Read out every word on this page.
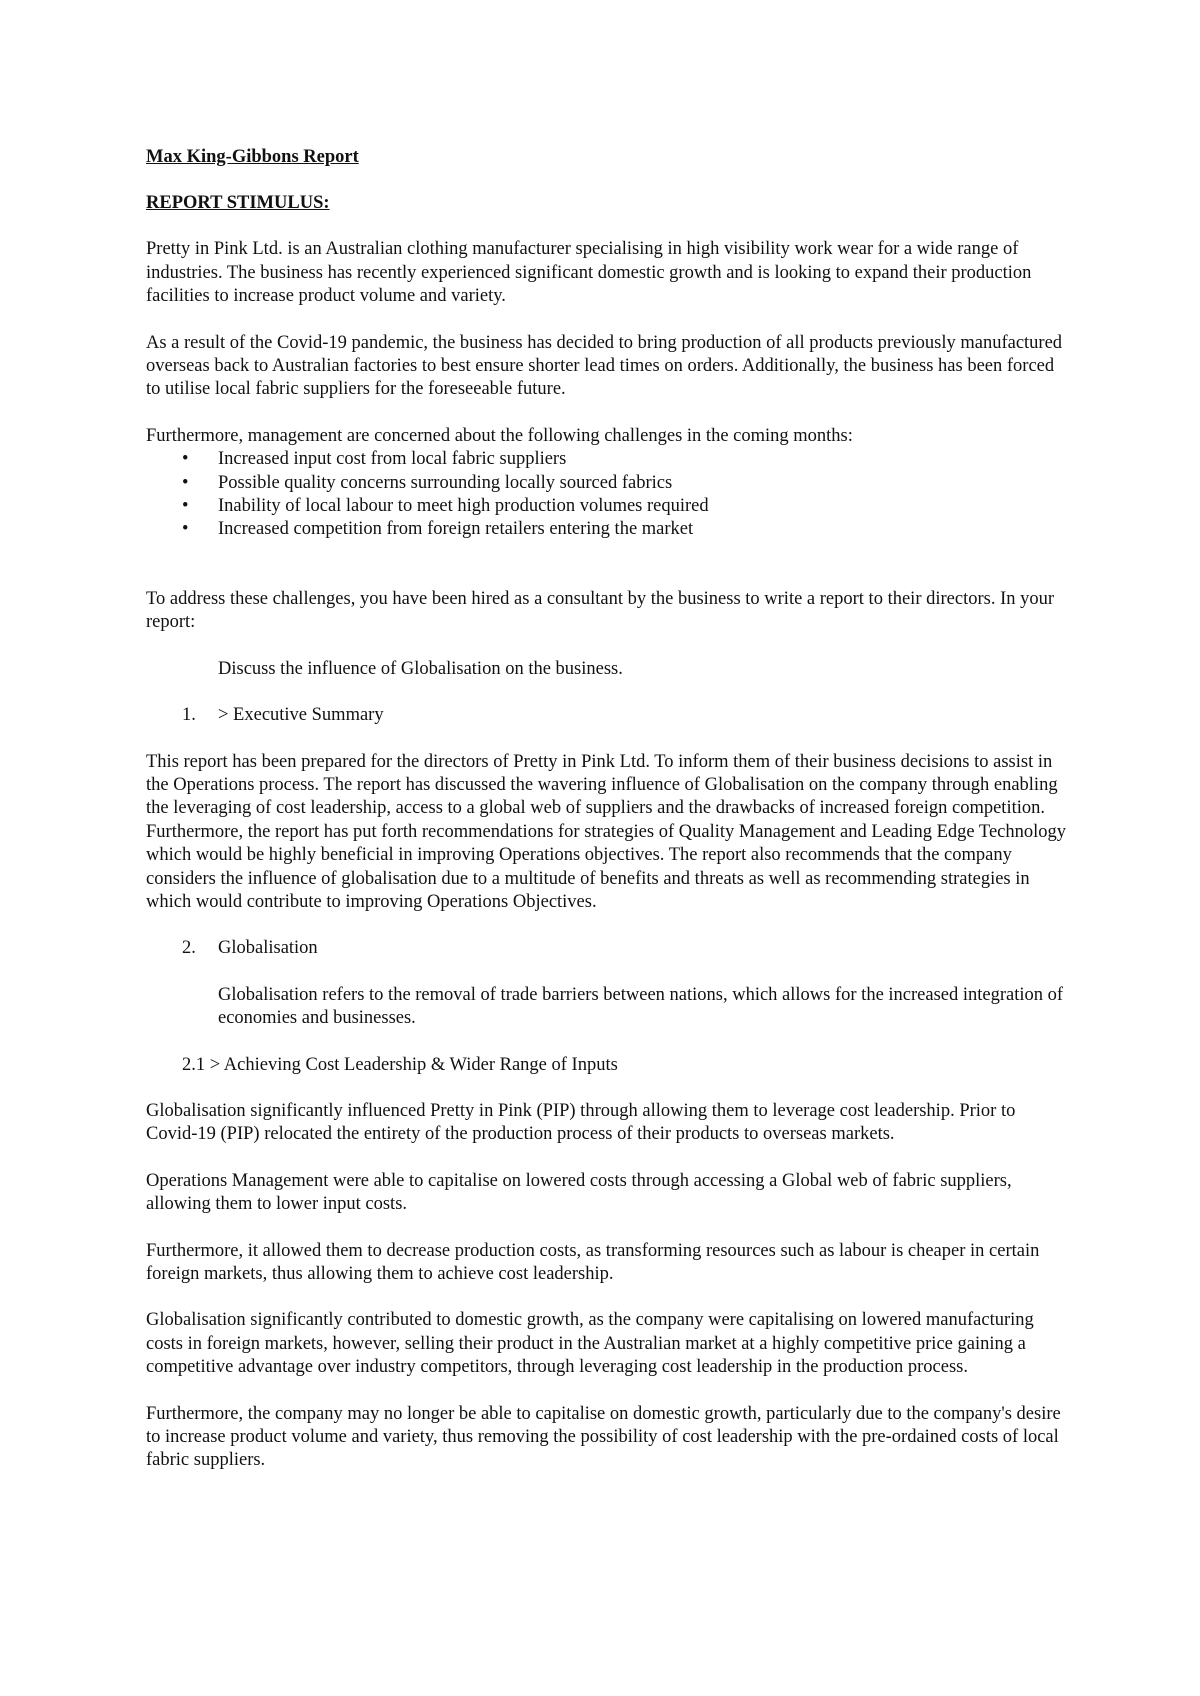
Max King-Gibbons Report

REPORT STIMULUS:

Pretty in Pink Ltd. is an Australian clothing manufacturer specialising in high visibility work wear for a wide range of industries. The business has recently experienced significant domestic growth and is looking to expand their production facilities to increase product volume and variety.

As a result of the Covid-19 pandemic, the business has decided to bring production of all products previously manufactured overseas back to Australian factories to best ensure shorter lead times on orders. Additionally, the business has been forced to utilise local fabric suppliers for the foreseeable future.

Furthermore, management are concerned about the following challenges in the coming months:

• Increased input cost from local fabric suppliers
• Possible quality concerns surrounding locally sourced fabrics
• Inability of local labour to meet high production volumes required
• Increased competition from foreign retailers entering the market

To address these challenges, you have been hired as a consultant by the business to write a report to their directors. In your report:

Discuss the influence of Globalisation on the business.

1. > Executive Summary

This report has been prepared for the directors of Pretty in Pink Ltd. To inform them of their business decisions to assist in the Operations process. The report has discussed the wavering influence of Globalisation on the company through enabling the leveraging of cost leadership, access to a global web of suppliers and the drawbacks of increased foreign competition. Furthermore, the report has put forth recommendations for strategies of Quality Management and Leading Edge Technology which would be highly beneficial in improving Operations objectives. The report also recommends that the company considers the influence of globalisation due to a multitude of benefits and threats as well as recommending strategies in which would contribute to improving Operations Objectives.

2. Globalisation

Globalisation refers to the removal of trade barriers between nations, which allows for the increased integration of economies and businesses.

2.1 > Achieving Cost Leadership & Wider Range of Inputs

Globalisation significantly influenced Pretty in Pink (PIP) through allowing them to leverage cost leadership. Prior to Covid-19 (PIP) relocated the entirety of the production process of their products to overseas markets.

Operations Management were able to capitalise on lowered costs through accessing a Global web of fabric suppliers, allowing them to lower input costs.

Furthermore, it allowed them to decrease production costs, as transforming resources such as labour is cheaper in certain foreign markets, thus allowing them to achieve cost leadership.

Globalisation significantly contributed to domestic growth, as the company were capitalising on lowered manufacturing costs in foreign markets, however, selling their product in the Australian market at a highly competitive price gaining a competitive advantage over industry competitors, through leveraging cost leadership in the production process.

Furthermore, the company may no longer be able to capitalise on domestic growth, particularly due to the company's desire to increase product volume and variety, thus removing the possibility of cost leadership with the pre-ordained costs of local fabric suppliers.
